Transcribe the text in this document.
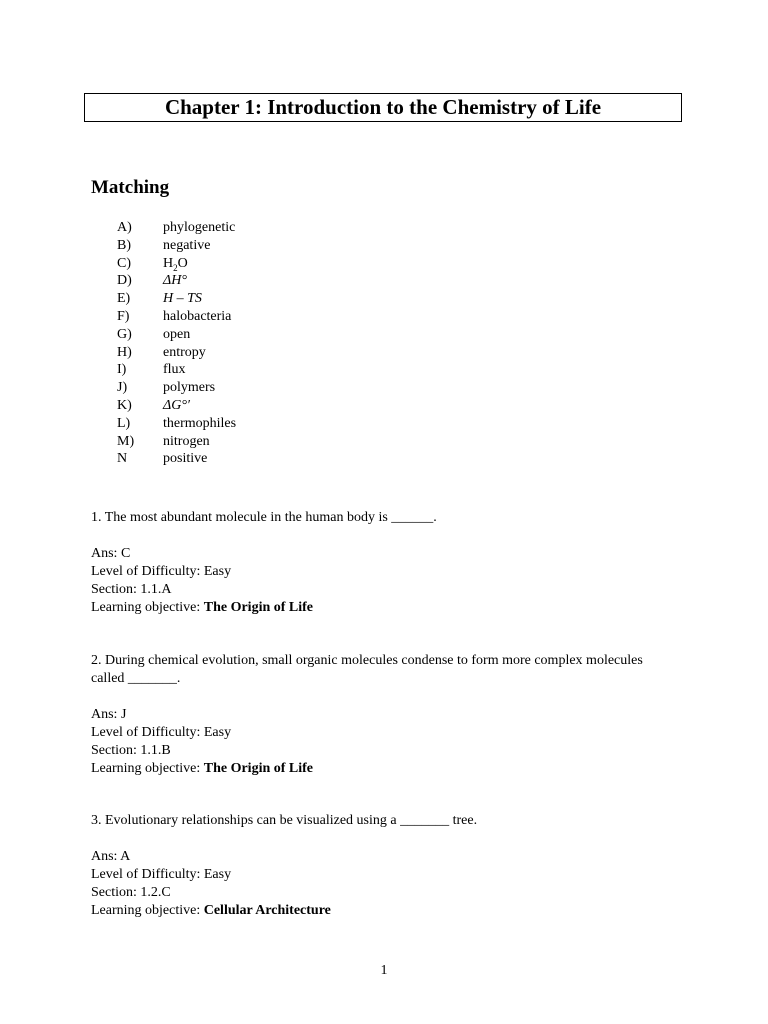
Chapter 1: Introduction to the Chemistry of Life
Matching
A)	phylogenetic
B)	negative
C)	$H_2O$
D)	ΔH°
E)	H – TS
F)	halobacteria
G)	open
H)	entropy
I)	flux
J)	polymers
K)	ΔG°′
L)	thermophiles
M)	nitrogen
N	positive

1. The most abundant molecule in the human body is ______.

Ans: C
Level of Difficulty: Easy
Section: 1.1.A
Learning objective: The Origin of Life

2. During chemical evolution, small organic molecules condense to form more complex molecules called _______.

Ans: J
Level of Difficulty: Easy
Section: 1.1.B
Learning objective: The Origin of Life

3. Evolutionary relationships can be visualized using a _______ tree.

Ans: A
Level of Difficulty: Easy
Section: 1.2.C
Learning objective: Cellular Architecture
1
